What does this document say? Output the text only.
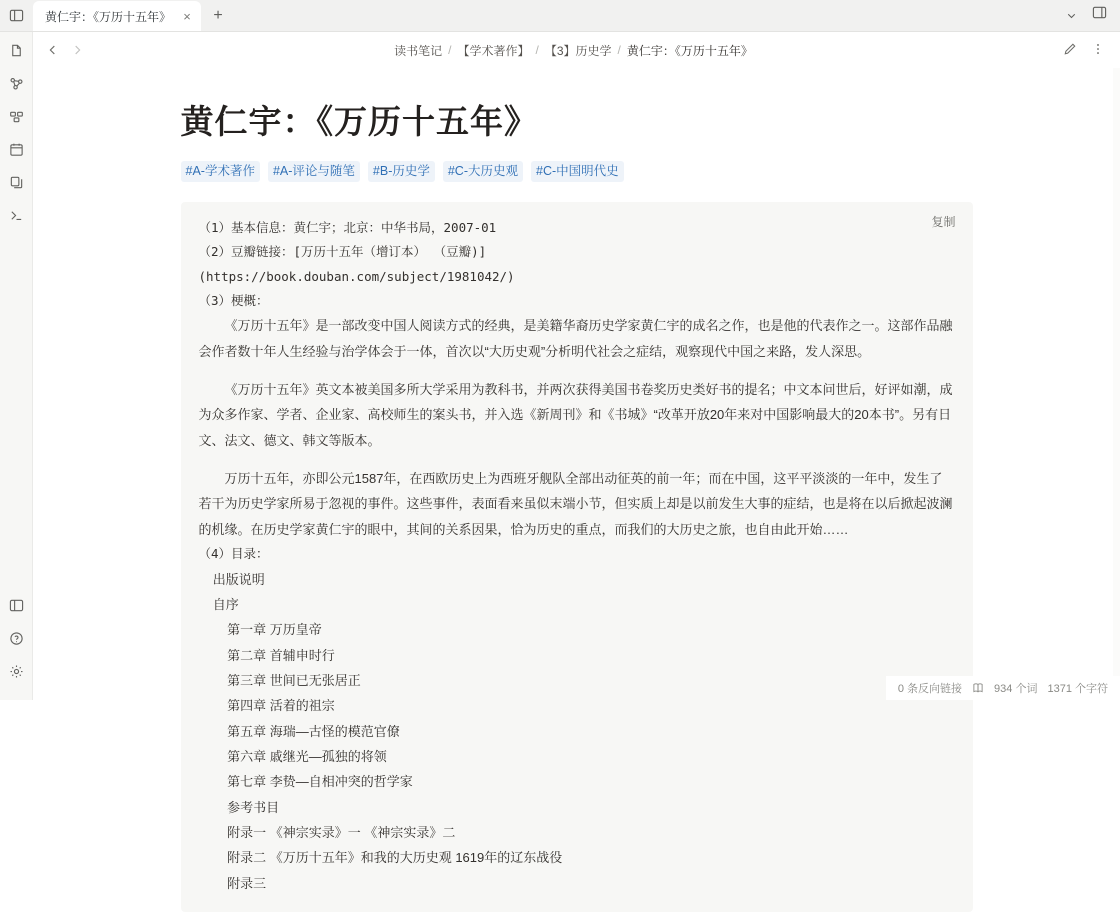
黄仁宇：《万历十五年》 ×	+
读书笔记 / 【学术著作】 / 【3】历史学 / 黄仁宇：《万历十五年》
黄仁宇：《万历十五年》
#A-学术著作	#A-评论与随笔	#B-历史学	#C-大历史观	#C-中国明代史
复制

（1）基本信息：黄仁宇；北京：中华书局，2007-01

（2）豆瓣链接：[万历十五年（增订本） （豆瓣)]

(https://book.douban.com/subject/1981042/)

（3）梗概：

《万历十五年》是一部改变中国人阅读方式的经典，是美籍华裔历史学家黄仁宇的成名之作，也是他的代表作之一。这部作品融会作者数十年人生经验与治学体会于一体，首次以“大历史观”分析明代社会之症结，观察现代中国之来路，发人深思。

《万历十五年》英文本被美国多所大学采用为教科书，并两次获得美国书卷奖历史类好书的提名；中文本问世后，好评如潮，成为众多作家、学者、企业家、高校师生的案头书，并入选《新周刊》和《书城》“改革开放20年来对中国影响最大的20本书”。另有日文、法文、德文、韩文等版本。

万历十五年，亦即公元1587年，在西欧历史上为西班牙舰队全部出动征英的前一年；而在中国，这平平淡淡的一年中，发生了若干为历史学家所易于忽视的事件。这些事件，表面看来虽似末端小节，但实质上却是以前发生大事的症结，也是将在以后掀起波澜的机缘。在历史学家黄仁宇的眼中，其间的关系因果，恰为历史的重点，而我们的大历史之旅，也自由此开始……

（4）目录：

出版说明

自序

第一章 万历皇帝

第二章 首辅申时行

第三章 世间已无张居正

第四章 活着的祖宗

第五章 海瑞—古怪的模范官僚

第六章 戚继光—孤独的将领

第七章 李贽—自相冲突的哲学家

参考书目

附录一 《神宗实录》一 《神宗实录》二

附录二 《万历十五年》和我的大历史观 1619年的辽东战役

附录三

0 条反向链接	934 个词 1371 个字符
